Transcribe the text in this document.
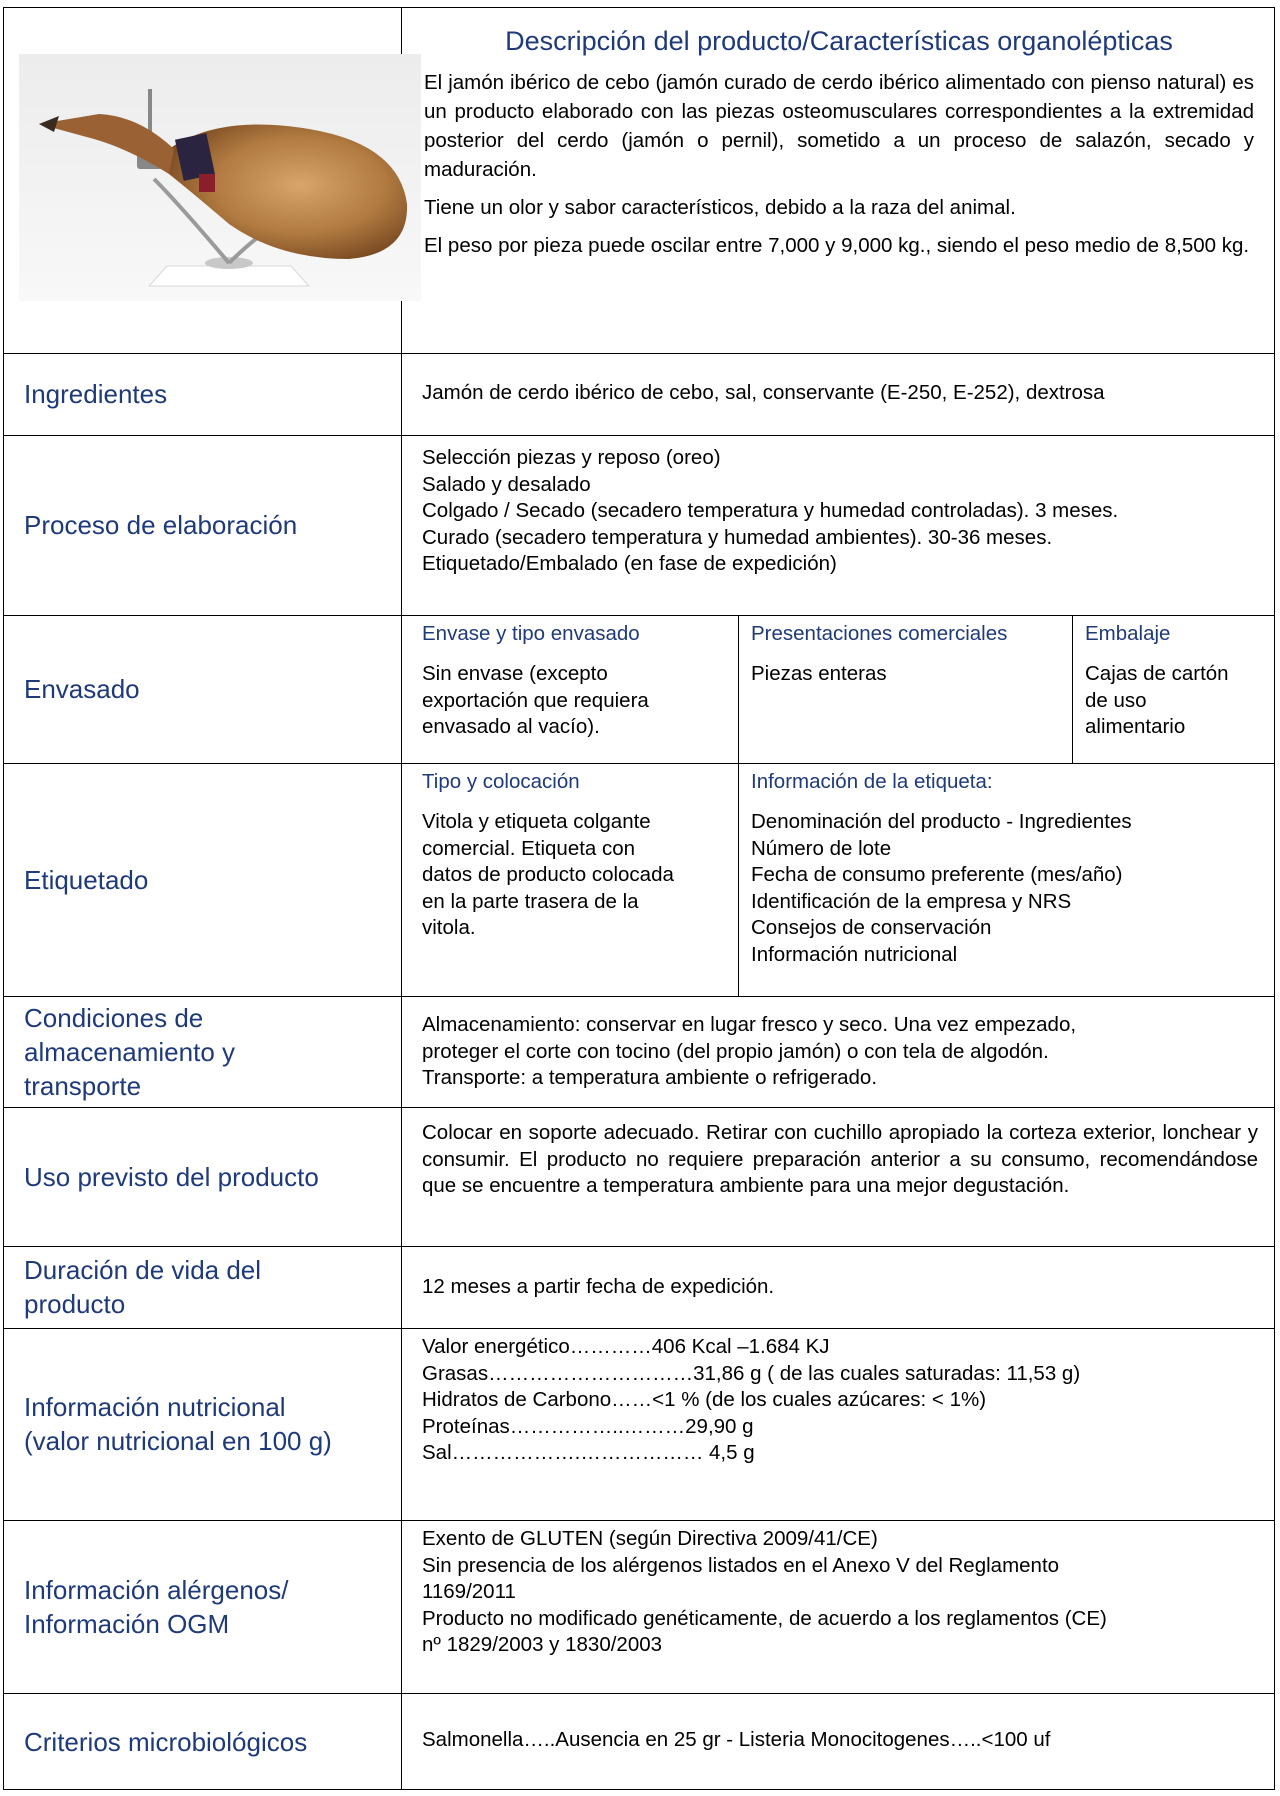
Descripción del producto/Características organolépticas
El jamón ibérico de cebo (jamón curado de cerdo ibérico alimentado con pienso natural) es un producto elaborado con las piezas osteomusculares correspondientes a la extremidad posterior del cerdo (jamón o pernil), sometido a un proceso de salazón, secado y maduración.
Tiene un olor y sabor característicos, debido a la raza del animal.
El peso por pieza puede oscilar entre 7,000 y 9,000 kg., siendo el peso medio de 8,500 kg.
Ingredientes	Jamón de cerdo ibérico de cebo, sal, conservante (E-250, E-252), dextrosa
Proceso de elaboración
Selección piezas y reposo (oreo)
Salado y desalado
Colgado / Secado (secadero temperatura y humedad controladas). 3 meses.
Curado (secadero temperatura y humedad ambientes). 30-36 meses.
Etiquetado/Embalado (en fase de expedición)
Envasado
Envase y tipo envasado
Sin envase (excepto
exportación que requiera
envasado al vacío).
Presentaciones comerciales
Piezas enteras
Embalaje
Cajas de cartón
de uso
alimentario
Etiquetado
Tipo y colocación
Vitola y etiqueta colgante
comercial. Etiqueta con
datos de producto colocada
en la parte trasera de la
vitola.
Información de la etiqueta:
Denominación del producto - Ingredientes
Número de lote
Fecha de consumo preferente (mes/año)
Identificación de la empresa y NRS
Consejos de conservación
Información nutricional
Condiciones de
almacenamiento y
transporte
Almacenamiento: conservar en lugar fresco y seco. Una vez empezado,
proteger el corte con tocino (del propio jamón) o con tela de algodón.
Transporte: a temperatura ambiente o refrigerado.
Uso previsto del producto
Colocar en soporte adecuado. Retirar con cuchillo apropiado la corteza exterior, lonchear y consumir. El producto no requiere preparación anterior a su consumo, recomendándose que se encuentre a temperatura ambiente para una mejor degustación.
Duración de vida del
producto
12 meses a partir fecha de expedición.
Información nutricional
(valor nutricional en 100 g)
Valor energético…………406 Kcal –1.684 KJ
Grasas…………………………31,86 g ( de las cuales saturadas: 11,53 g)
Hidratos de Carbono……<1 % (de los cuales azúcares: < 1%)
Proteínas……………..………29,90 g
Sal……………….……………… 4,5 g
Información alérgenos/
Información OGM
Exento de GLUTEN (según Directiva 2009/41/CE)
Sin presencia de los alérgenos listados en el Anexo V del Reglamento
1169/2011
Producto no modificado genéticamente, de acuerdo a los reglamentos (CE)
nº 1829/2003 y 1830/2003
Criterios microbiológicos	Salmonella…..Ausencia en 25 gr - Listeria Monocitogenes…..<100 uf
